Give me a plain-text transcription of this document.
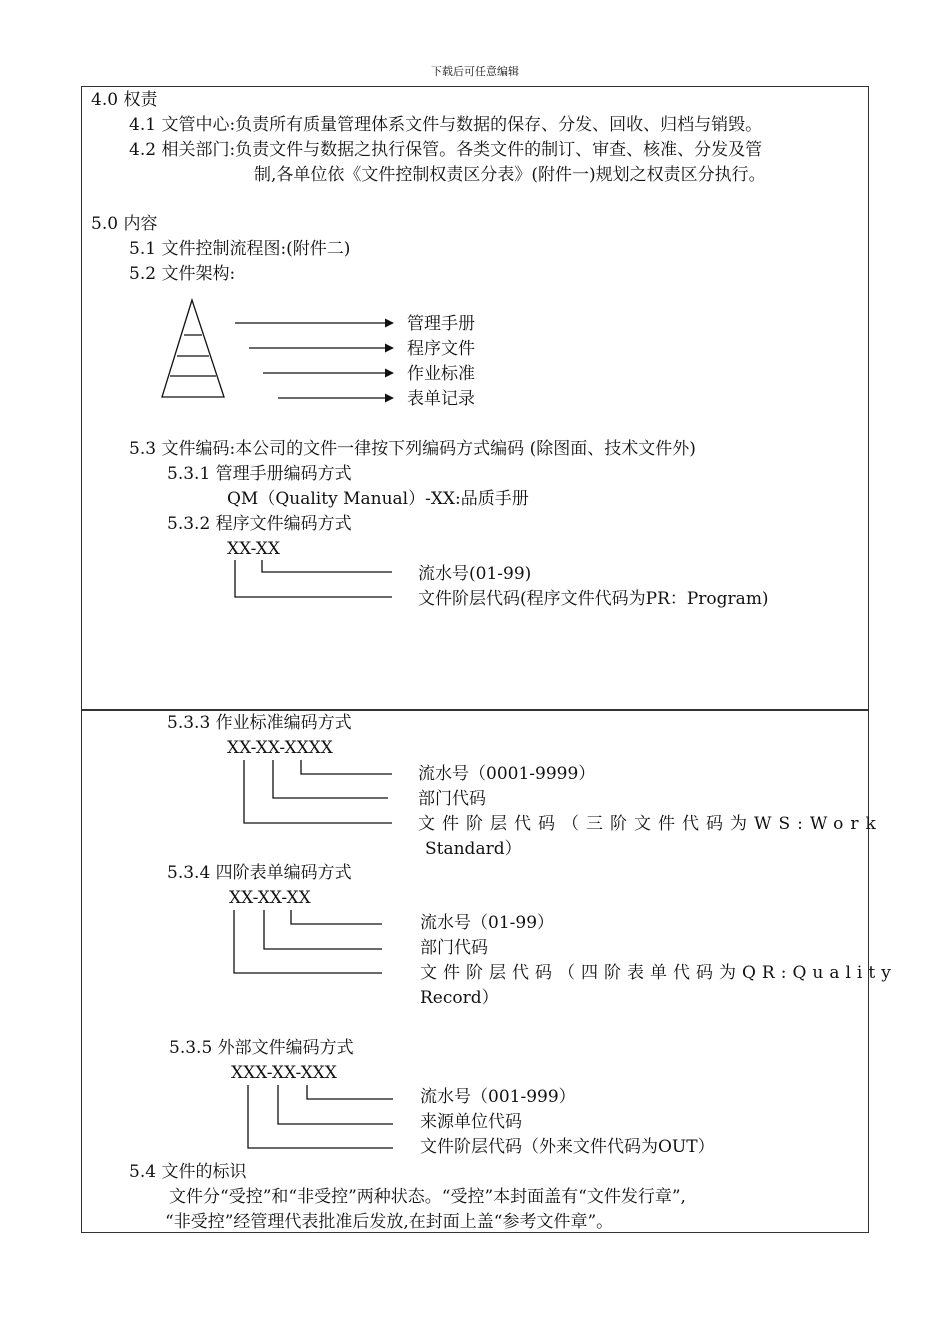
下载后可任意编辑
4.0 权责
4.1 文管中心:负责所有质量管理体系文件与数据的保存、分发、回收、归档与销毁。
4.2 相关部门:负责文件与数据之执行保管。各类文件的制订、审查、核准、分发及管
制,各单位依《文件控制权责区分表》(附件一)规划之权责区分执行。
5.0 内容
5.1 文件控制流程图:(附件二)
5.2 文件架构:
管理手册
程序文件
作业标准
表单记录
5.3 文件编码:本公司的文件一律按下列编码方式编码 (除图面、技术文件外)
5.3.1 管理手册编码方式
QM（Quality Manual）-XX:品质手册
5.3.2 程序文件编码方式
XX-XX
流水号(01-99)
文件阶层代码(程序文件代码为PR：Program)
5.3.3 作业标准编码方式
XX-XX-XXXX
流水号（0001-9999）
部门代码
文件阶层代码（三阶文件代码为WS:Work
Standard）
5.3.4 四阶表单编码方式
XX-XX-XX
流水号（01-99）
部门代码
文件阶层代码（四阶表单代码为QR:Quality
Record）
5.3.5 外部文件编码方式
XXX-XX-XXX
流水号（001-999）
来源单位代码
文件阶层代码（外来文件代码为OUT）
5.4 文件的标识
文件分“受控”和“非受控”两种状态。“受控”本封面盖有“文件发行章”,
“非受控”经管理代表批准后发放,在封面上盖“参考文件章”。
